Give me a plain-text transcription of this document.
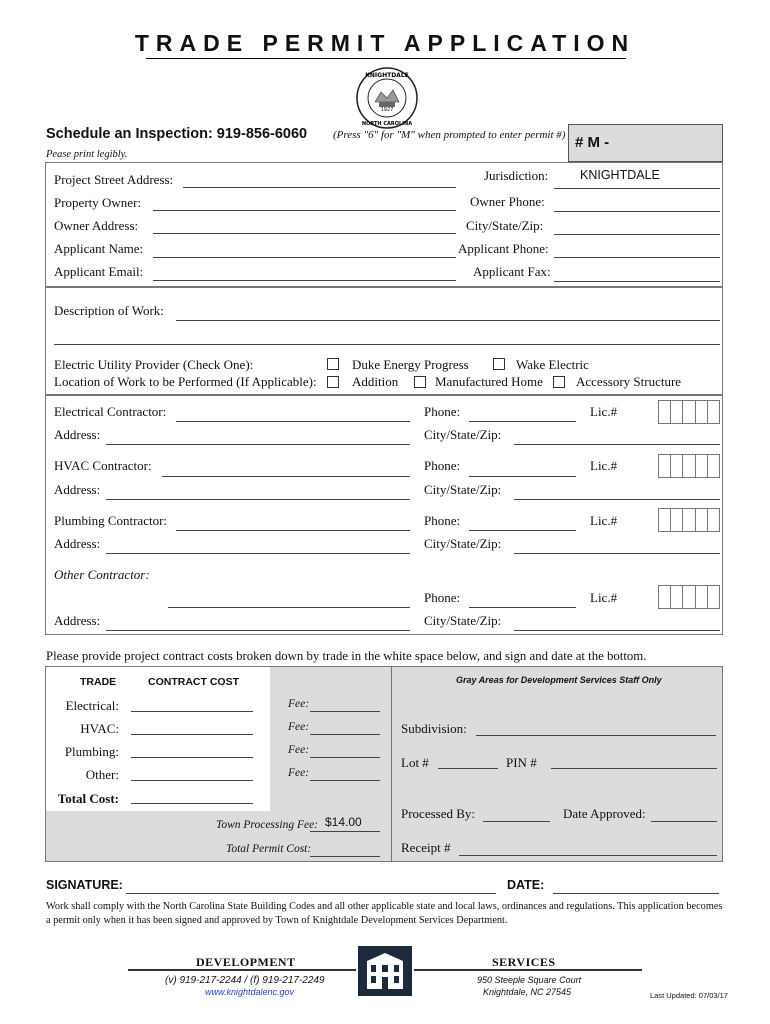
TRADE PERMIT APPLICATION
1927
KNIGHTDALE
NORTH CAROLINA
Schedule an Inspection: 919-856-6060 (Press "6" for "M" when prompted to enter permit #)
Pease print legibly.
# M -
Project Street Address:	Jurisdiction:	KNIGHTDALE
Property Owner:	Owner Phone:
Owner Address:	City/State/Zip:
Applicant Name:	Applicant Phone:
Applicant Email:	Applicant Fax:
Description of Work:
Electric Utility Provider (Check One):	Duke Energy Progress	Wake Electric
Location of Work to be Performed (If Applicable):	Addition	Manufactured Home	Accessory Structure
Electrical Contractor:	Phone:	Lic.#
Address:	City/State/Zip:
HVAC Contractor:	Phone:	Lic.#
Address:	City/State/Zip:
Plumbing Contractor:	Phone:	Lic.#
Address:	City/State/Zip:
Other Contractor:
Phone:	Lic.#
Address:	City/State/Zip:
Please provide project contract costs broken down by trade in the white space below, and sign and date at the bottom.
TRADE	CONTRACT COST	Gray Areas for Development Services Staff Only
Electrical:	Fee:
HVAC:	Fee:
Plumbing:	Fee:
Other:	Fee:
Total Cost:
Town Processing Fee: $14.00
Total Permit Cost:
Subdivision:
Lot #	PIN #
Processed By:	Date Approved:
Receipt #
SIGNATURE:	DATE:
Work shall comply with the North Carolina State Building Codes and all other applicable state and local laws, ordinances and regulations. This application becomes a permit only when it has been signed and approved by Town of Knightdale Development Services Department.
DEVELOPMENT	SERVICES
(v) 919-217-2244 / (f) 919-217-2249
www.knightdalenc.gov
950 Steeple Square Court
Knightdale, NC 27545	Last Updated: 07/03/17
